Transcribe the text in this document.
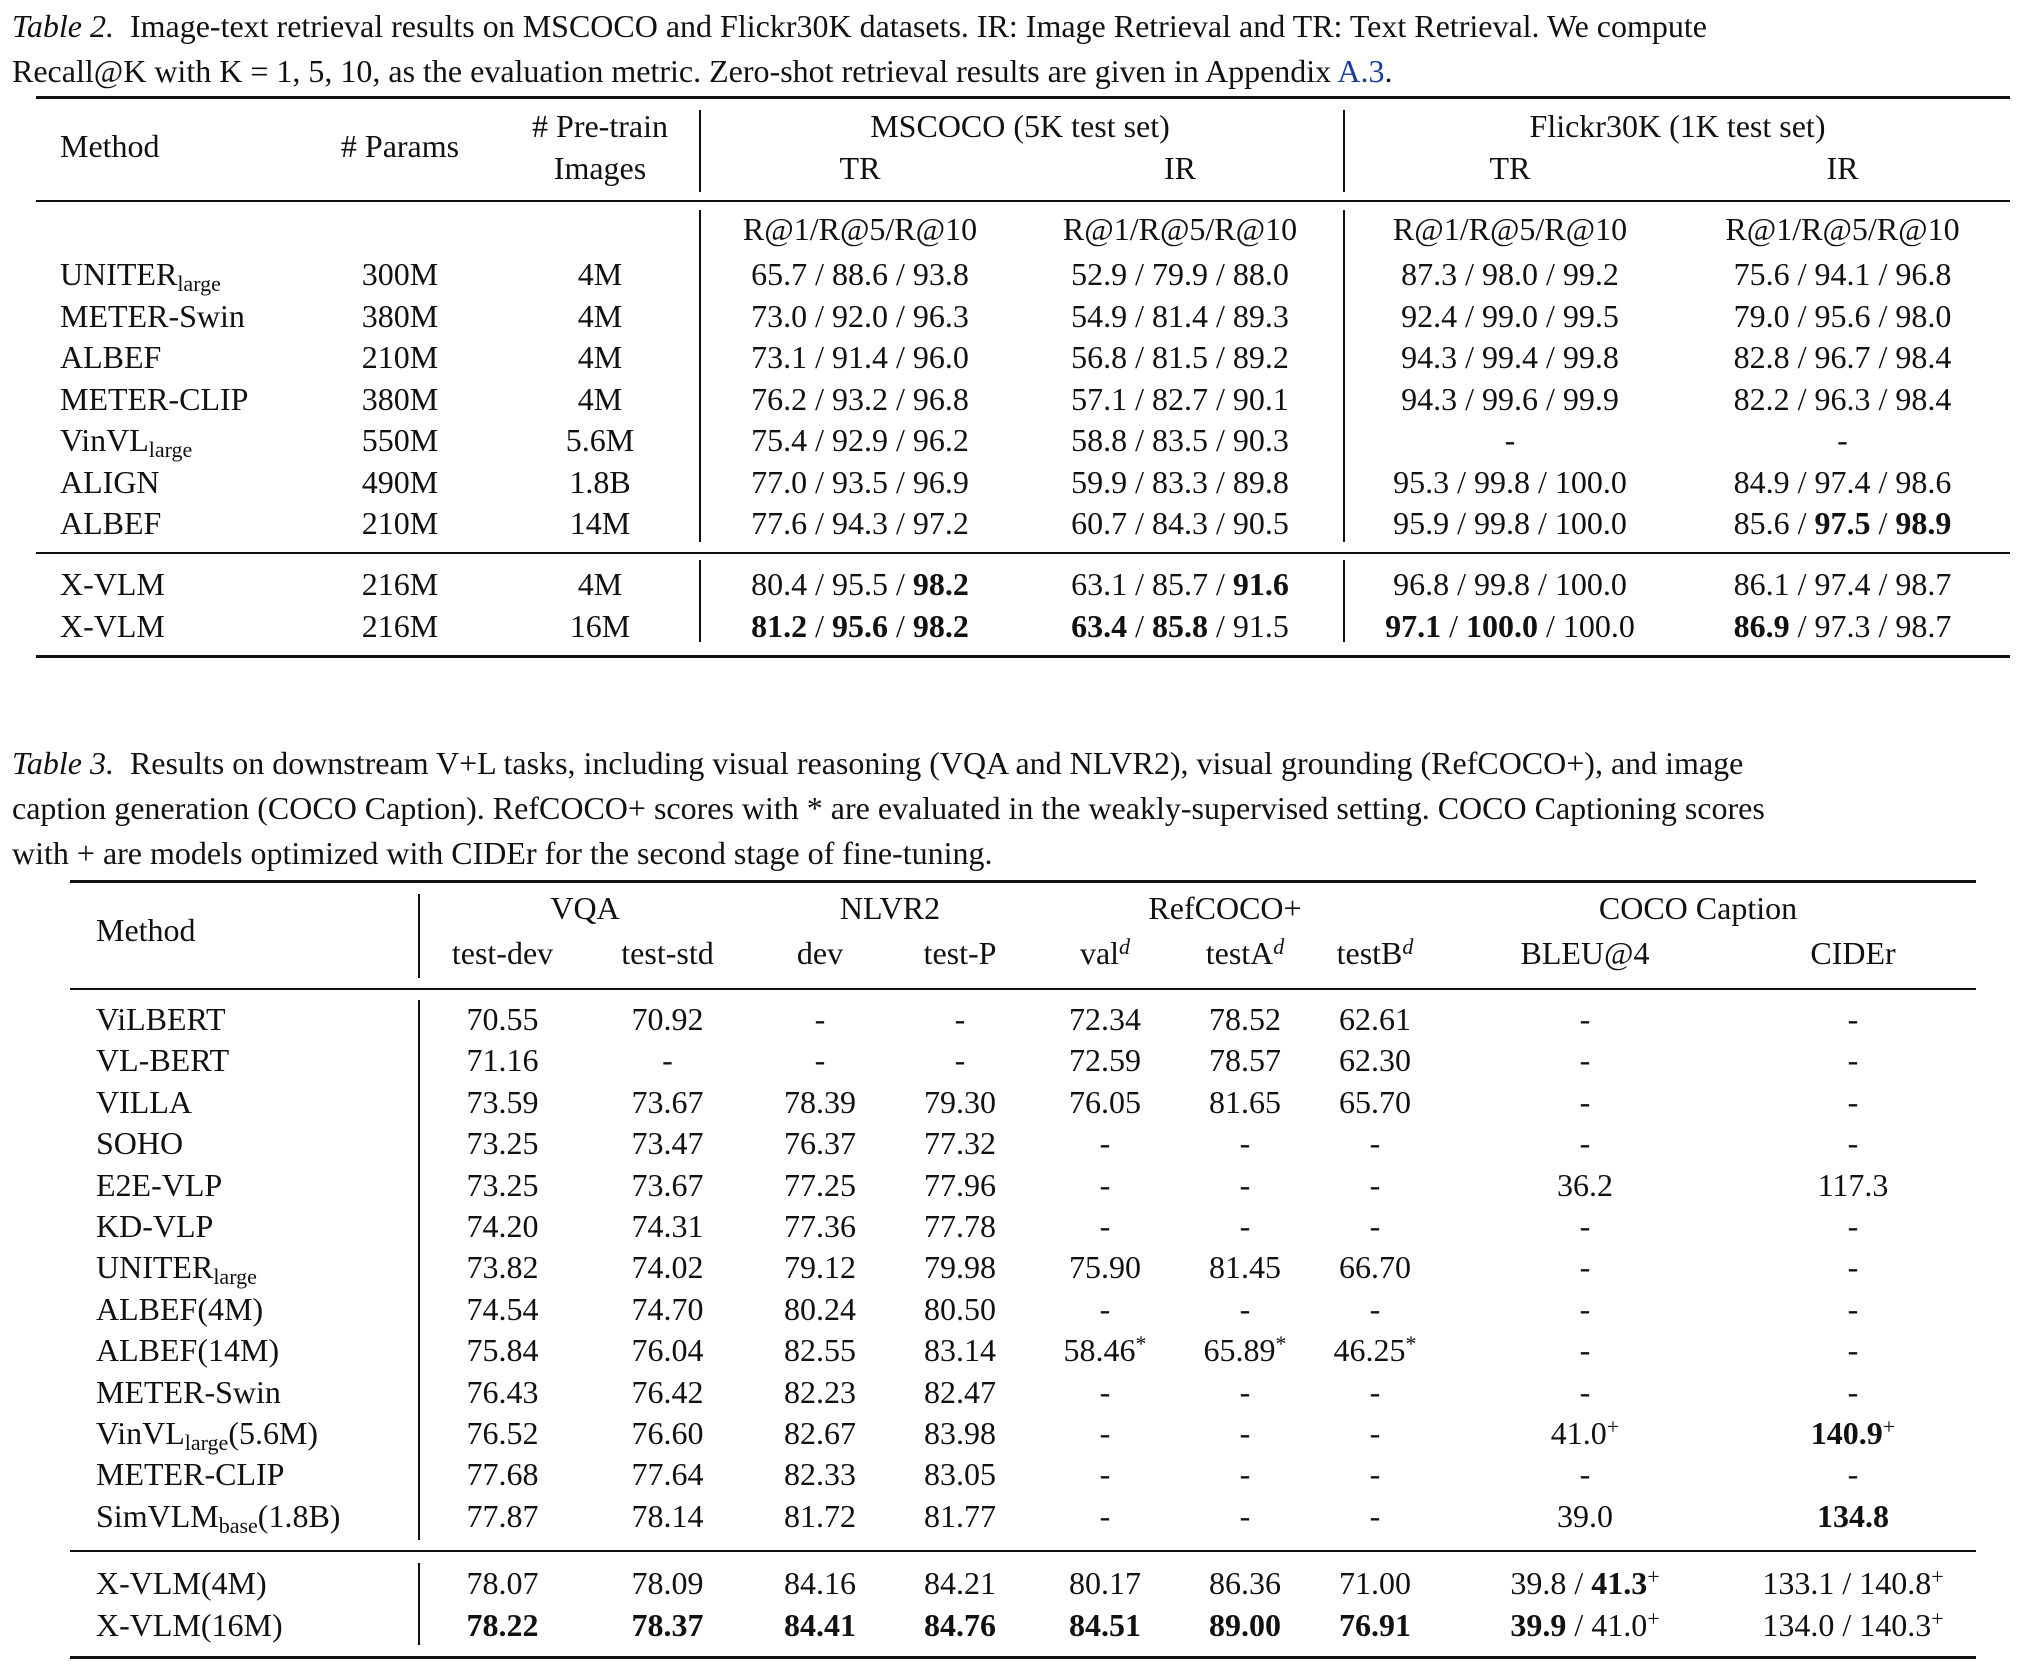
Table 2. Image-text retrieval results on MSCOCO and Flickr30K datasets. IR: Image Retrieval and TR: Text Retrieval. We compute
Recall@K with K = 1, 5, 10, as the evaluation metric. Zero-shot retrieval results are given in Appendix A.3.
Method	# Params
# Pre-train
Images
MSCOCO (5K test set)	Flickr30K (1K test set)
TR	IR	TR	IR
R@1/R@5/R@10	R@1/R@5/R@10	R@1/R@5/R@10	R@1/R@5/R@10
$UNITER_{large}$	300M	4M	65.7 / 88.6 / 93.8	52.9 / 79.9 / 88.0	87.3 / 98.0 / 99.2	75.6 / 94.1 / 96.8
METER-Swin	380M	4M	73.0 / 92.0 / 96.3	54.9 / 81.4 / 89.3	92.4 / 99.0 / 99.5	79.0 / 95.6 / 98.0
ALBEF	210M	4M	73.1 / 91.4 / 96.0	56.8 / 81.5 / 89.2	94.3 / 99.4 / 99.8	82.8 / 96.7 / 98.4
METER-CLIP	380M	4M	76.2 / 93.2 / 96.8	57.1 / 82.7 / 90.1	94.3 / 99.6 / 99.9	82.2 / 96.3 / 98.4
VinVL$_{large}$	550M	5.6M	75.4 / 92.9 / 96.2	58.8 / 83.5 / 90.3	-	-
ALIGN	490M	1.8B	77.0 / 93.5 / 96.9	59.9 / 83.3 / 89.8	95.3 / 99.8 / 100.0	84.9 / 97.4 / 98.6
ALBEF	210M	14M	77.6 / 94.3 / 97.2	60.7 / 84.3 / 90.5	95.9 / 99.8 / 100.0	85.6 / 97.5 / 98.9
X-VLM	216M	4M	80.4 / 95.5 / 98.2	63.1 / 85.7 / 91.6	96.8 / 99.8 / 100.0	86.1 / 97.4 / 98.7
X-VLM	216M	16M	81.2 / 95.6 / 98.2	63.4 / 85.8 / 91.5	97.1 / 100.0 / 100.0	86.9 / 97.3 / 98.7
Table 3. Results on downstream V+L tasks, including visual reasoning (VQA and NLVR2), visual grounding (RefCOCO+), and image
caption generation (COCO Caption). RefCOCO+ scores with * are evaluated in the weakly-supervised setting. COCO Captioning scores
with + are models optimized with CIDEr for the second stage of fine-tuning.
Method
VQA	NLVR2	RefCOCO+	COCO Caption
test-dev	test-std	dev	test-P	val$^d$	testA$^d$	testB$^d$	BLEU@4	CIDEr
ViLBERT	70.55	70.92	-	-	72.34	78.52	62.61	-	-
VL-BERT	71.16	-	-	-	72.59	78.57	62.30	-	-
VILLA	73.59	73.67	78.39	79.30	76.05	81.65	65.70	-	-
SOHO	73.25	73.47	76.37	77.32	-	-	-	-	-
E2E-VLP	73.25	73.67	77.25	77.96	-	-	-	36.2	117.3
KD-VLP	74.20	74.31	77.36	77.78	-	-	-	-	-
$UNITER_{large}$	73.82	74.02	79.12	79.98	75.90	81.45	66.70	-	-
ALBEF(4M)	74.54	74.70	80.24	80.50	-	-	-	-	-
ALBEF(14M)	75.84	76.04	82.55	83.14	58.46*	65.89*	46.25*	-	-
METER-Swin	76.43	76.42	82.23	82.47	-	-	-	-	-
VinVL$_{large}$(5.6M)	76.52	76.60	82.67	83.98	-	-	-	41.0+	140.9+
METER-CLIP	77.68	77.64	82.33	83.05	-	-	-	-	-
SimVLM$_{base}$(1.8B)	77.87	78.14	81.72	81.77	-	-	-	39.0	134.8
X-VLM(4M)	78.07	78.09	84.16	84.21	80.17	86.36	71.00	39.8 / 41.3+	133.1 / 140.8+
X-VLM(16M)	78.22	78.37	84.41	84.76	84.51	89.00	76.91	39.9 / 41.0+	134.0 / 140.3+
